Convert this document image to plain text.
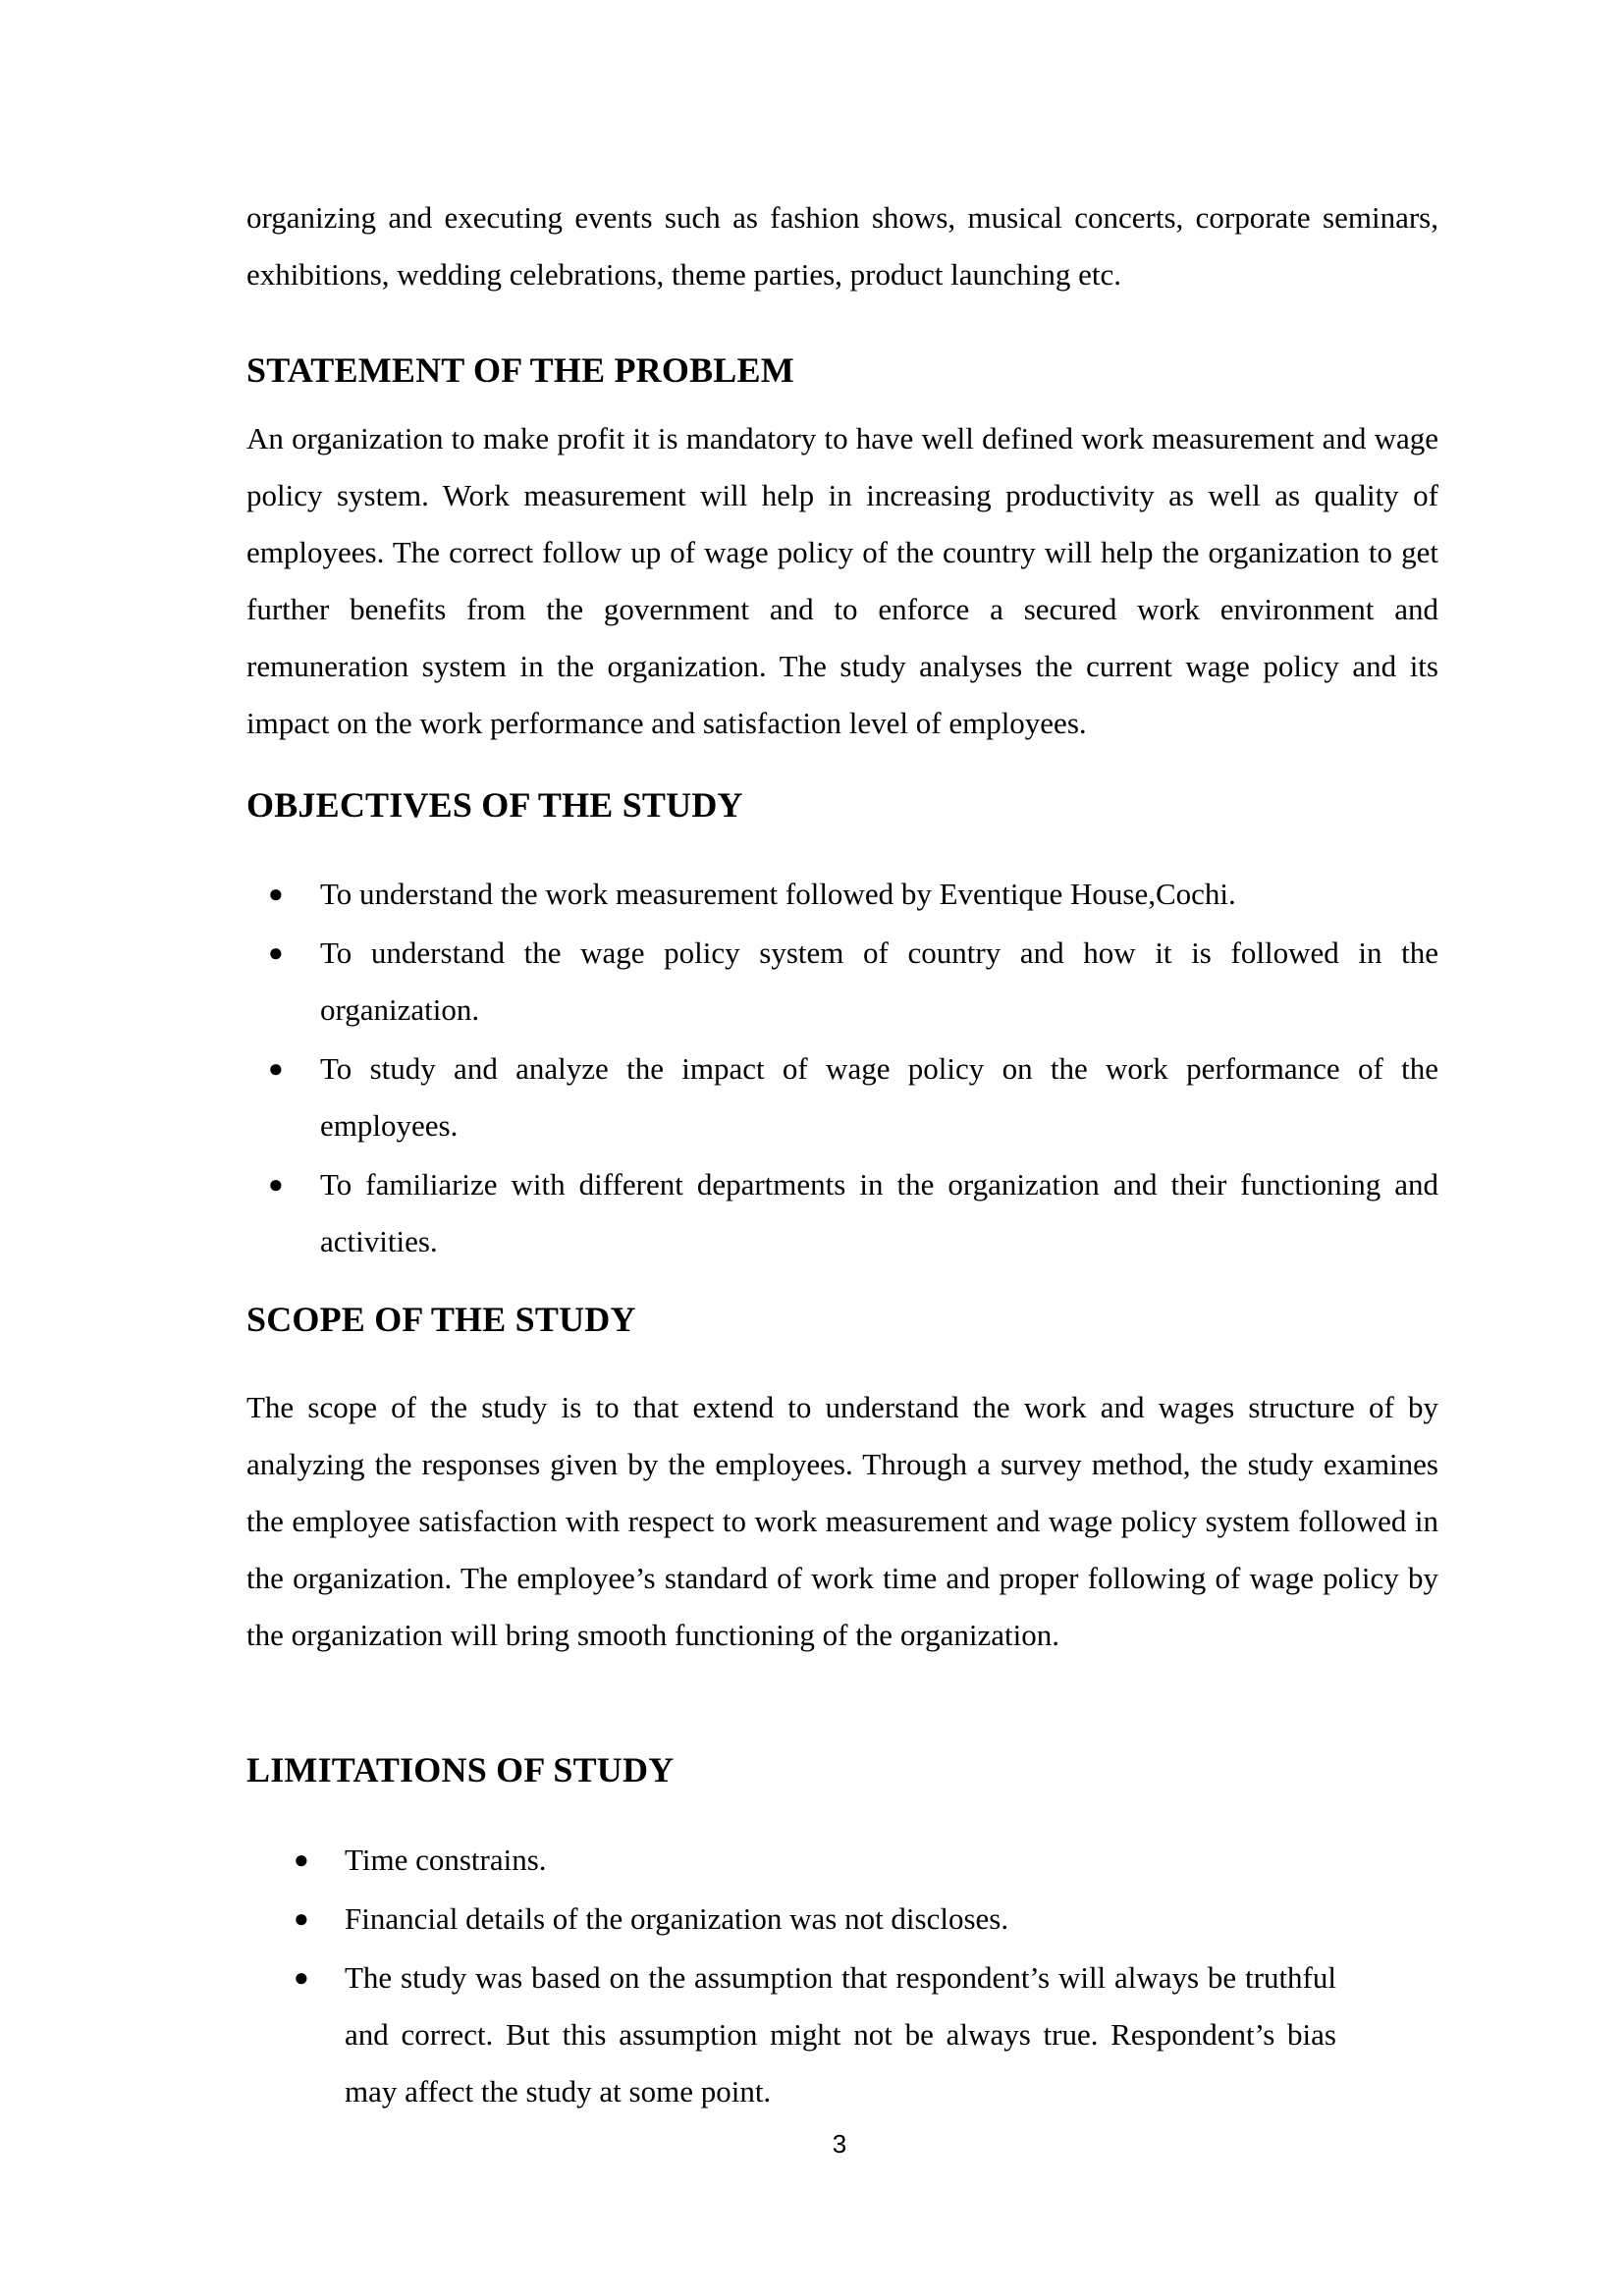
organizing and executing events such as fashion shows, musical concerts, corporate seminars, exhibitions, wedding celebrations, theme parties, product launching etc.

STATEMENT OF THE PROBLEM

An organization to make profit it is mandatory to have well defined work measurement and wage policy system. Work measurement will help in increasing productivity as well as quality of employees. The correct follow up of wage policy of the country will help the organization to get further benefits from the government and to enforce a secured work environment and remuneration system in the organization. The study analyses the current wage policy and its impact on the work performance and satisfaction level of employees.

OBJECTIVES OF THE STUDY
● To understand the work measurement followed by Eventique House,Cochi.
● To understand the wage policy system of country and how it is followed in the organization.
● To study and analyze the impact of wage policy on the work performance of the employees.
● To familiarize with different departments in the organization and their functioning and activities.
SCOPE OF THE STUDY

The scope of the study is to that extend to understand the work and wages structure of by analyzing the responses given by the employees. Through a survey method, the study examines the employee satisfaction with respect to work measurement and wage policy system followed in the organization. The employee’s standard of work time and proper following of wage policy by the organization will bring smooth functioning of the organization.

LIMITATIONS OF STUDY
● Time constrains.
● Financial details of the organization was not discloses.
● The study was based on the assumption that respondent’s will always be truthful and correct. But this assumption might not be always true. Respondent’s bias may affect the study at some point.
3
